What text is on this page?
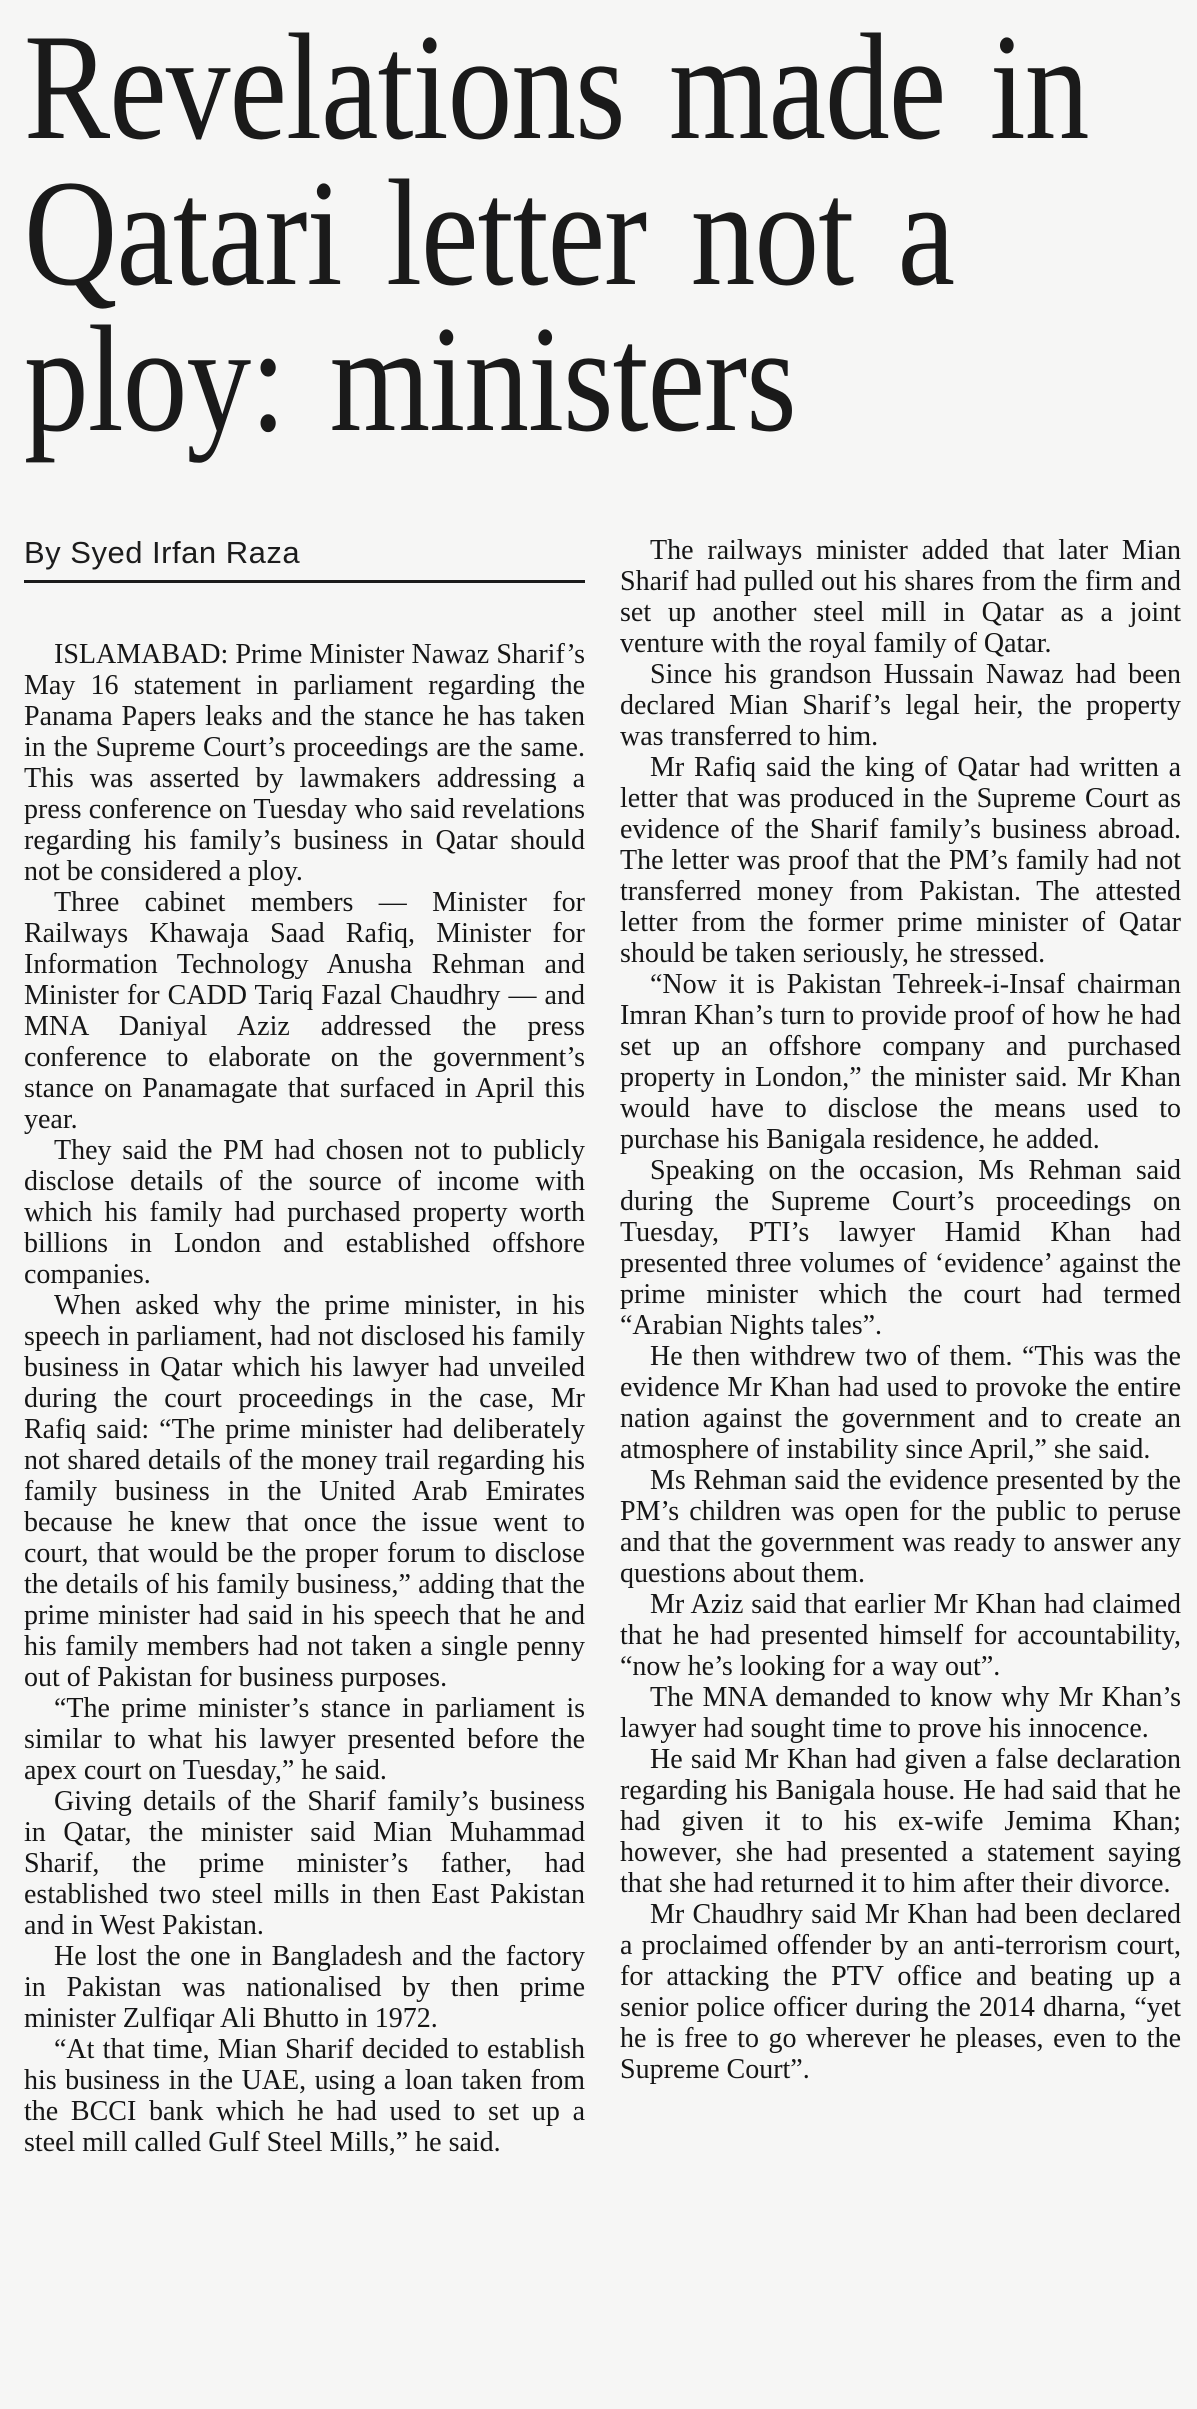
Revelations made in
Qatari letter not a
ploy: ministers
By Syed Irfan Raza

ISLAMABAD: Prime Minister Nawaz Sharif’s May 16 statement in parliament regarding the Panama Papers leaks and the stance he has taken in the Supreme Court’s proceedings are the same. This was asserted by lawmakers addressing a press conference on Tuesday who said revelations regarding his family’s business in Qatar should not be considered a ploy.

Three cabinet members — Minister for Railways Khawaja Saad Rafiq, Minister for Information Technology Anusha Rehman and Minister for CADD Tariq Fazal Chaudhry — and MNA Daniyal Aziz addressed the press conference to elaborate on the government’s stance on Panamagate that surfaced in April this year.

They said the PM had chosen not to publicly disclose details of the source of income with which his family had purchased property worth billions in London and established offshore companies.

When asked why the prime minister, in his speech in parliament, had not disclosed his family business in Qatar which his lawyer had unveiled during the court proceedings in the case, Mr Rafiq said: “The prime minister had deliberately not shared details of the money trail regarding his family business in the United Arab Emirates because he knew that once the issue went to court, that would be the proper forum to disclose the details of his family business,” adding that the prime minister had said in his speech that he and his family members had not taken a single penny out of Pakistan for business purposes.

“The prime minister’s stance in parliament is similar to what his lawyer presented before the apex court on Tuesday,” he said.

Giving details of the Sharif family’s business in Qatar, the minister said Mian Muhammad Sharif, the prime minister’s father, had established two steel mills in then East Pakistan and in West Pakistan.

He lost the one in Bangladesh and the factory in Pakistan was nationalised by then prime minister Zulfiqar Ali Bhutto in 1972.

“At that time, Mian Sharif decided to establish his business in the UAE, using a loan taken from the BCCI bank which he had used to set up a steel mill called Gulf Steel Mills,” he said.

The railways minister added that later Mian Sharif had pulled out his shares from the firm and set up another steel mill in Qatar as a joint venture with the royal family of Qatar.

Since his grandson Hussain Nawaz had been declared Mian Sharif’s legal heir, the property was transferred to him.

Mr Rafiq said the king of Qatar had written a letter that was produced in the Supreme Court as evidence of the Sharif family’s business abroad. The letter was proof that the PM’s family had not transferred money from Pakistan. The attested letter from the former prime minister of Qatar should be taken seriously, he stressed.

“Now it is Pakistan Tehreek-i-Insaf chairman Imran Khan’s turn to provide proof of how he had set up an offshore company and purchased property in London,” the minister said. Mr Khan would have to disclose the means used to purchase his Banigala residence, he added.

Speaking on the occasion, Ms Rehman said during the Supreme Court’s proceedings on Tuesday, PTI’s lawyer Hamid Khan had presented three volumes of ‘evidence’ against the prime minister which the court had termed “Arabian Nights tales”.

He then withdrew two of them. “This was the evidence Mr Khan had used to provoke the entire nation against the government and to create an atmosphere of instability since April,” she said.

Ms Rehman said the evidence presented by the PM’s children was open for the public to peruse and that the government was ready to answer any questions about them.

Mr Aziz said that earlier Mr Khan had claimed that he had presented himself for accountability, “now he’s looking for a way out”.

The MNA demanded to know why Mr Khan’s lawyer had sought time to prove his innocence.

He said Mr Khan had given a false declaration regarding his Banigala house. He had said that he had given it to his ex-wife Jemima Khan; however, she had presented a statement saying that she had returned it to him after their divorce.

Mr Chaudhry said Mr Khan had been declared a proclaimed offender by an anti-terrorism court, for attacking the PTV office and beating up a senior police officer during the 2014 dharna, “yet he is free to go wherever he pleases, even to the Supreme Court”.
